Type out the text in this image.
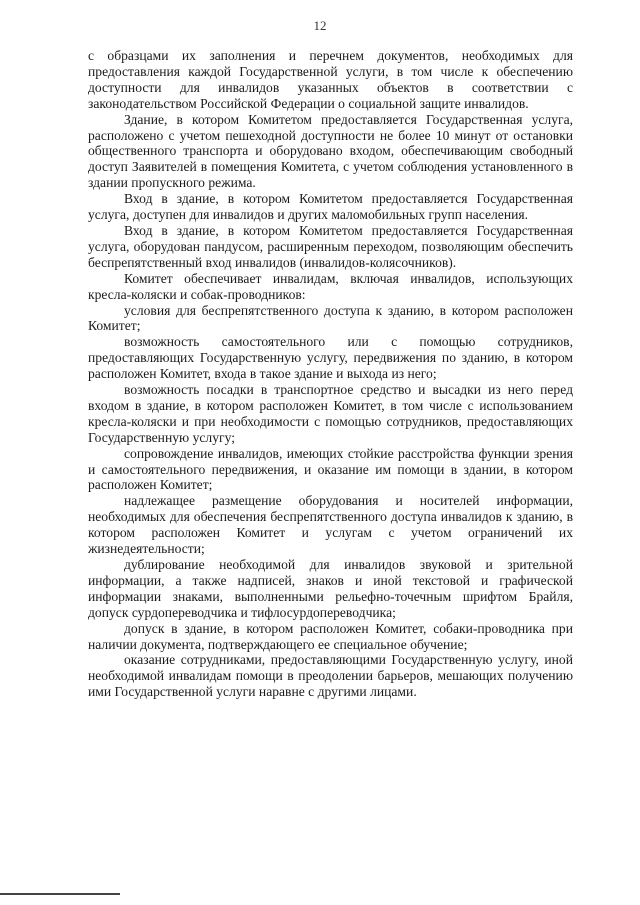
12

с образцами их заполнения и перечнем документов, необходимых для предоставления каждой Государственной услуги, в том числе к обеспечению доступности для инвалидов указанных объектов в соответствии с законодательством Российской Федерации о социальной защите инвалидов.

Здание, в котором Комитетом предоставляется Государственная услуга, расположено с учетом пешеходной доступности не более 10 минут от остановки общественного транспорта и оборудовано входом, обеспечивающим свободный доступ Заявителей в помещения Комитета, с учетом соблюдения установленного в здании пропускного режима.

Вход в здание, в котором Комитетом предоставляется Государственная услуга, доступен для инвалидов и других маломобильных групп населения.

Вход в здание, в котором Комитетом предоставляется Государственная услуга, оборудован пандусом, расширенным переходом, позволяющим обеспечить беспрепятственный вход инвалидов (инвалидов-колясочников).

Комитет обеспечивает инвалидам, включая инвалидов, использующих кресла-коляски и собак-проводников:

условия для беспрепятственного доступа к зданию, в котором расположен Комитет;

возможность самостоятельного или с помощью сотрудников, предоставляющих Государственную услугу, передвижения по зданию, в котором расположен Комитет, входа в такое здание и выхода из него;

возможность посадки в транспортное средство и высадки из него перед входом в здание, в котором расположен Комитет, в том числе с использованием кресла-коляски и при необходимости с помощью сотрудников, предоставляющих Государственную услугу;

сопровождение инвалидов, имеющих стойкие расстройства функции зрения и самостоятельного передвижения, и оказание им помощи в здании, в котором расположен Комитет;

надлежащее размещение оборудования и носителей информации, необходимых для обеспечения беспрепятственного доступа инвалидов к зданию, в котором расположен Комитет и услугам с учетом ограничений их жизнедеятельности;

дублирование необходимой для инвалидов звуковой и зрительной информации, а также надписей, знаков и иной текстовой и графической информации знаками, выполненными рельефно-точечным шрифтом Брайля, допуск сурдопереводчика и тифлосурдопереводчика;

допуск в здание, в котором расположен Комитет, собаки-проводника при наличии документа, подтверждающего ее специальное обучение;

оказание сотрудниками, предоставляющими Государственную услугу, иной необходимой инвалидам помощи в преодолении барьеров, мешающих получению ими Государственной услуги наравне с другими лицами.
